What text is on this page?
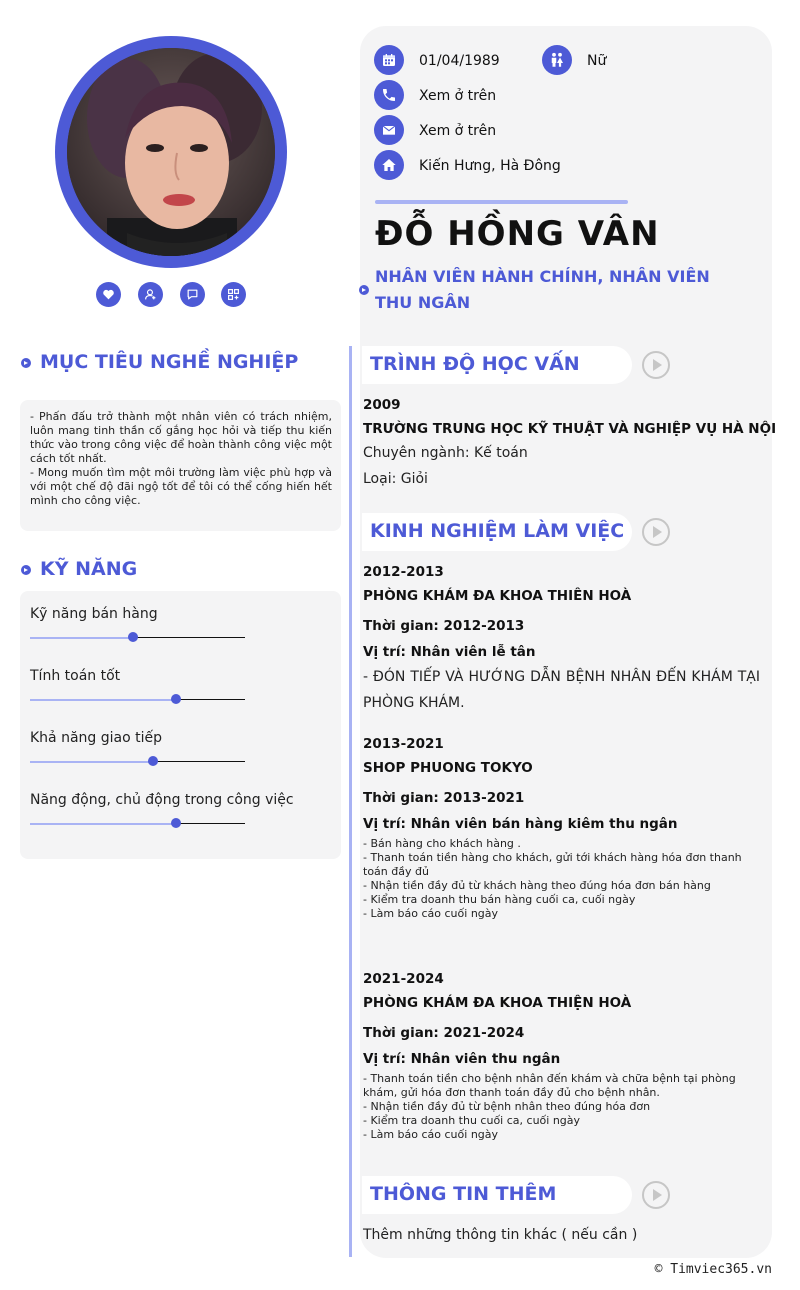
01/04/1989	Nữ
Xem ở trên
Xem ở trên
Kiến Hưng, Hà Đông
ĐỖ HỒNG VÂN
NHÂN VIÊN HÀNH CHÍNH, NHÂN VIÊN THU NGÂN
MỤC TIÊU NGHỀ NGHIỆP
- Phấn đấu trở thành một nhân viên có trách nhiệm, luôn mang tinh thần cố gắng học hỏi và tiếp thu kiến thức vào trong công việc để hoàn thành công việc một cách tốt nhất.
- Mong muốn tìm một môi trường làm việc phù hợp và với một chế độ đãi ngộ tốt để tôi có thể cống hiến hết mình cho công việc.
KỸ NĂNG
Kỹ năng bán hàng
Tính toán tốt
Khả năng giao tiếp
Năng động, chủ động trong công việc
TRÌNH ĐỘ HỌC VẤN
2009
TRƯỜNG TRUNG HỌC KỸ THUẬT VÀ NGHIỆP VỤ HÀ NỘI
Chuyên ngành: Kế toán
Loại: Giỏi
KINH NGHIỆM LÀM VIỆC
2012-2013
PHÒNG KHÁM ĐA KHOA THIÊN HOÀ
Thời gian: 2012-2013
Vị trí: Nhân viên lễ tân
- ĐÓN TIẾP VÀ HƯỚNG DẪN BỆNH NHÂN ĐẾN KHÁM TẠI PHÒNG KHÁM.
2013-2021
SHOP PHUONG TOKYO
Thời gian: 2013-2021
Vị trí: Nhân viên bán hàng kiêm thu ngân
- Bán hàng cho khách hàng .
- Thanh toán tiền hàng cho khách, gửi tới khách hàng hóa đơn thanh toán đầy đủ
- Nhận tiền đầy đủ từ khách hàng theo đúng hóa đơn bán hàng
- Kiểm tra doanh thu bán hàng cuối ca, cuối ngày
- Làm báo cáo cuối ngày
2021-2024
PHÒNG KHÁM ĐA KHOA THIỆN HOÀ
Thời gian: 2021-2024
Vị trí: Nhân viên thu ngân
- Thanh toán tiền cho bệnh nhân đến khám và chữa bệnh tại phòng khám, gửi hóa đơn thanh toán đầy đủ cho bệnh nhân.
- Nhận tiền đầy đủ từ bệnh nhân theo đúng hóa đơn
- Kiểm tra doanh thu cuối ca, cuối ngày
- Làm báo cáo cuối ngày
THÔNG TIN THÊM
Thêm những thông tin khác ( nếu cần )
© Timviec365.vn
